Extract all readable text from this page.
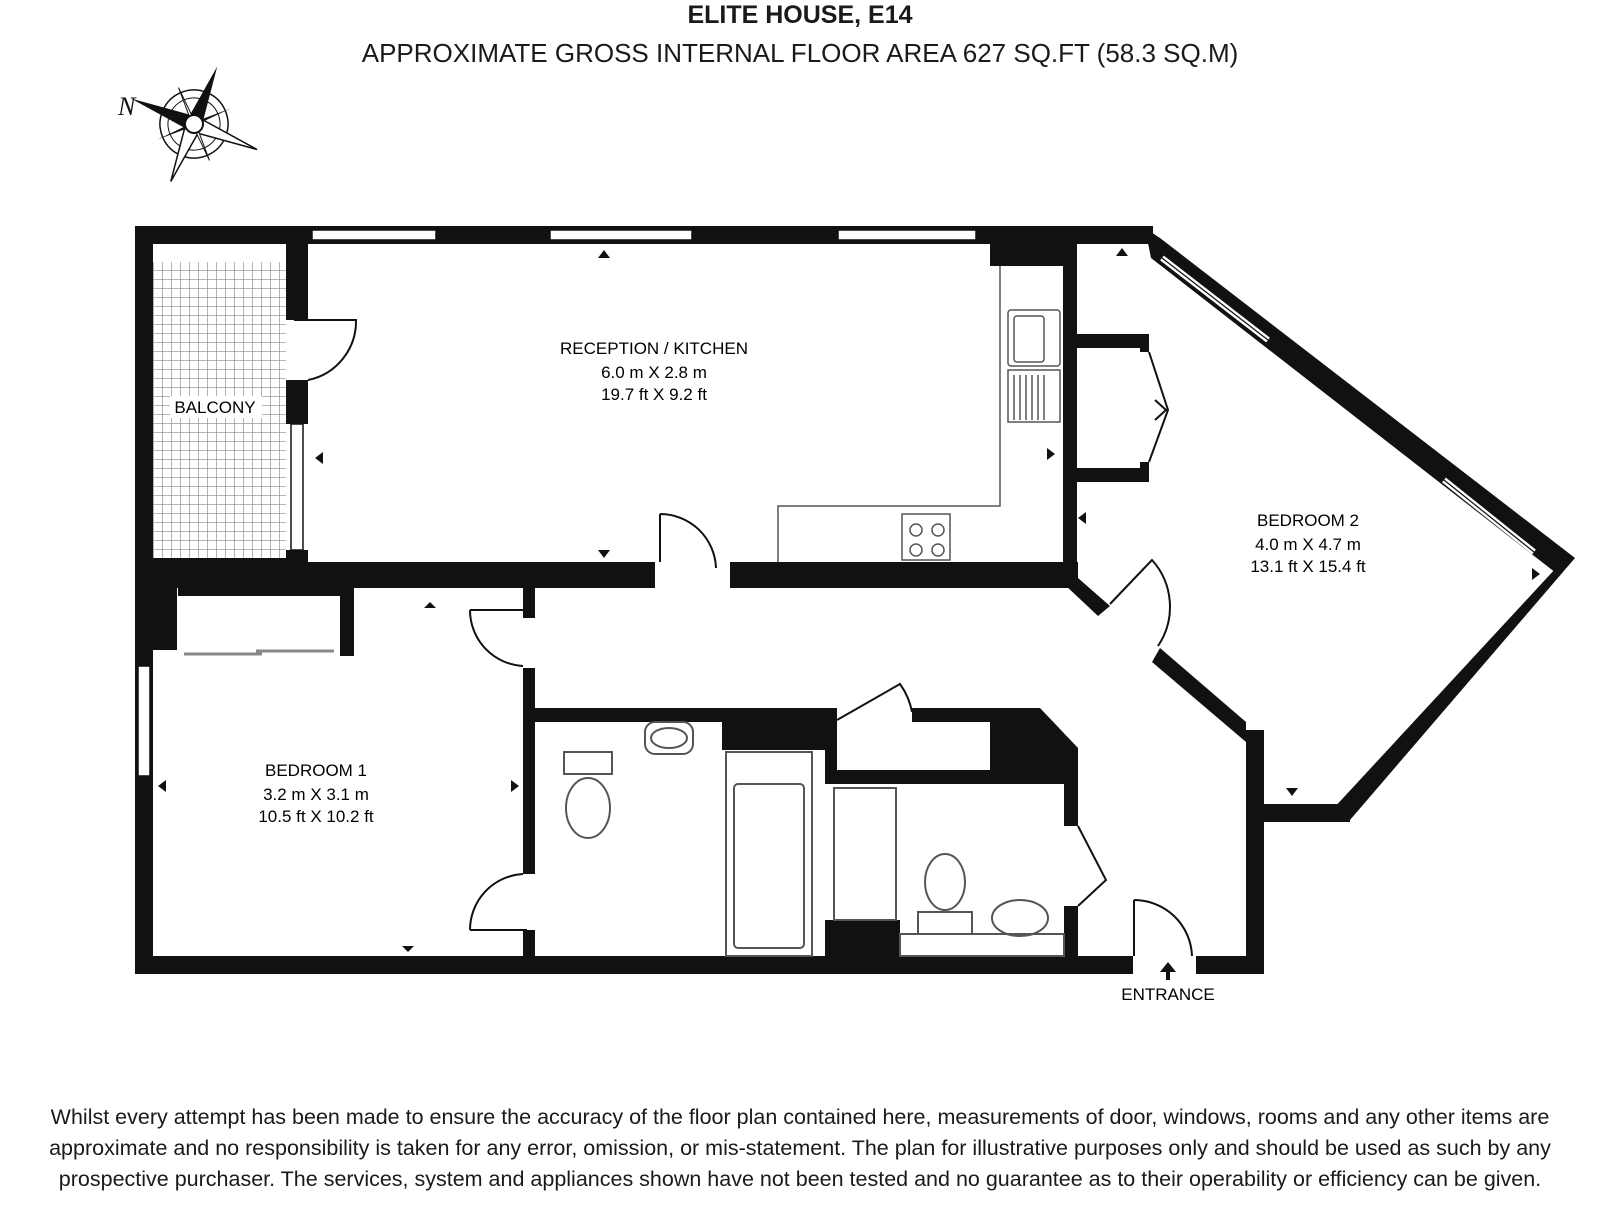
ELITE HOUSE, E14
APPROXIMATE GROSS INTERNAL FLOOR AREA 627 SQ.FT (58.3 SQ.M)
N
RECEPTION / KITCHEN
6.0 m X 2.8 m
19.7 ft X 9.2 ft
BEDROOM 2
4.0 m X 4.7 m
13.1 ft X 15.4 ft
BEDROOM 1
3.2 m X 3.1 m
10.5 ft X 10.2 ft
BALCONY
ENTRANCE
Whilst every attempt has been made to ensure the accuracy of the floor plan contained here, measurements of door, windows, rooms and any other items are approximate and no responsibility is taken for any error, omission, or mis-statement. The plan for illustrative purposes only and should be used as such by any prospective purchaser. The services, system and appliances shown have not been tested and no guarantee as to their operability or efficiency can be given.
